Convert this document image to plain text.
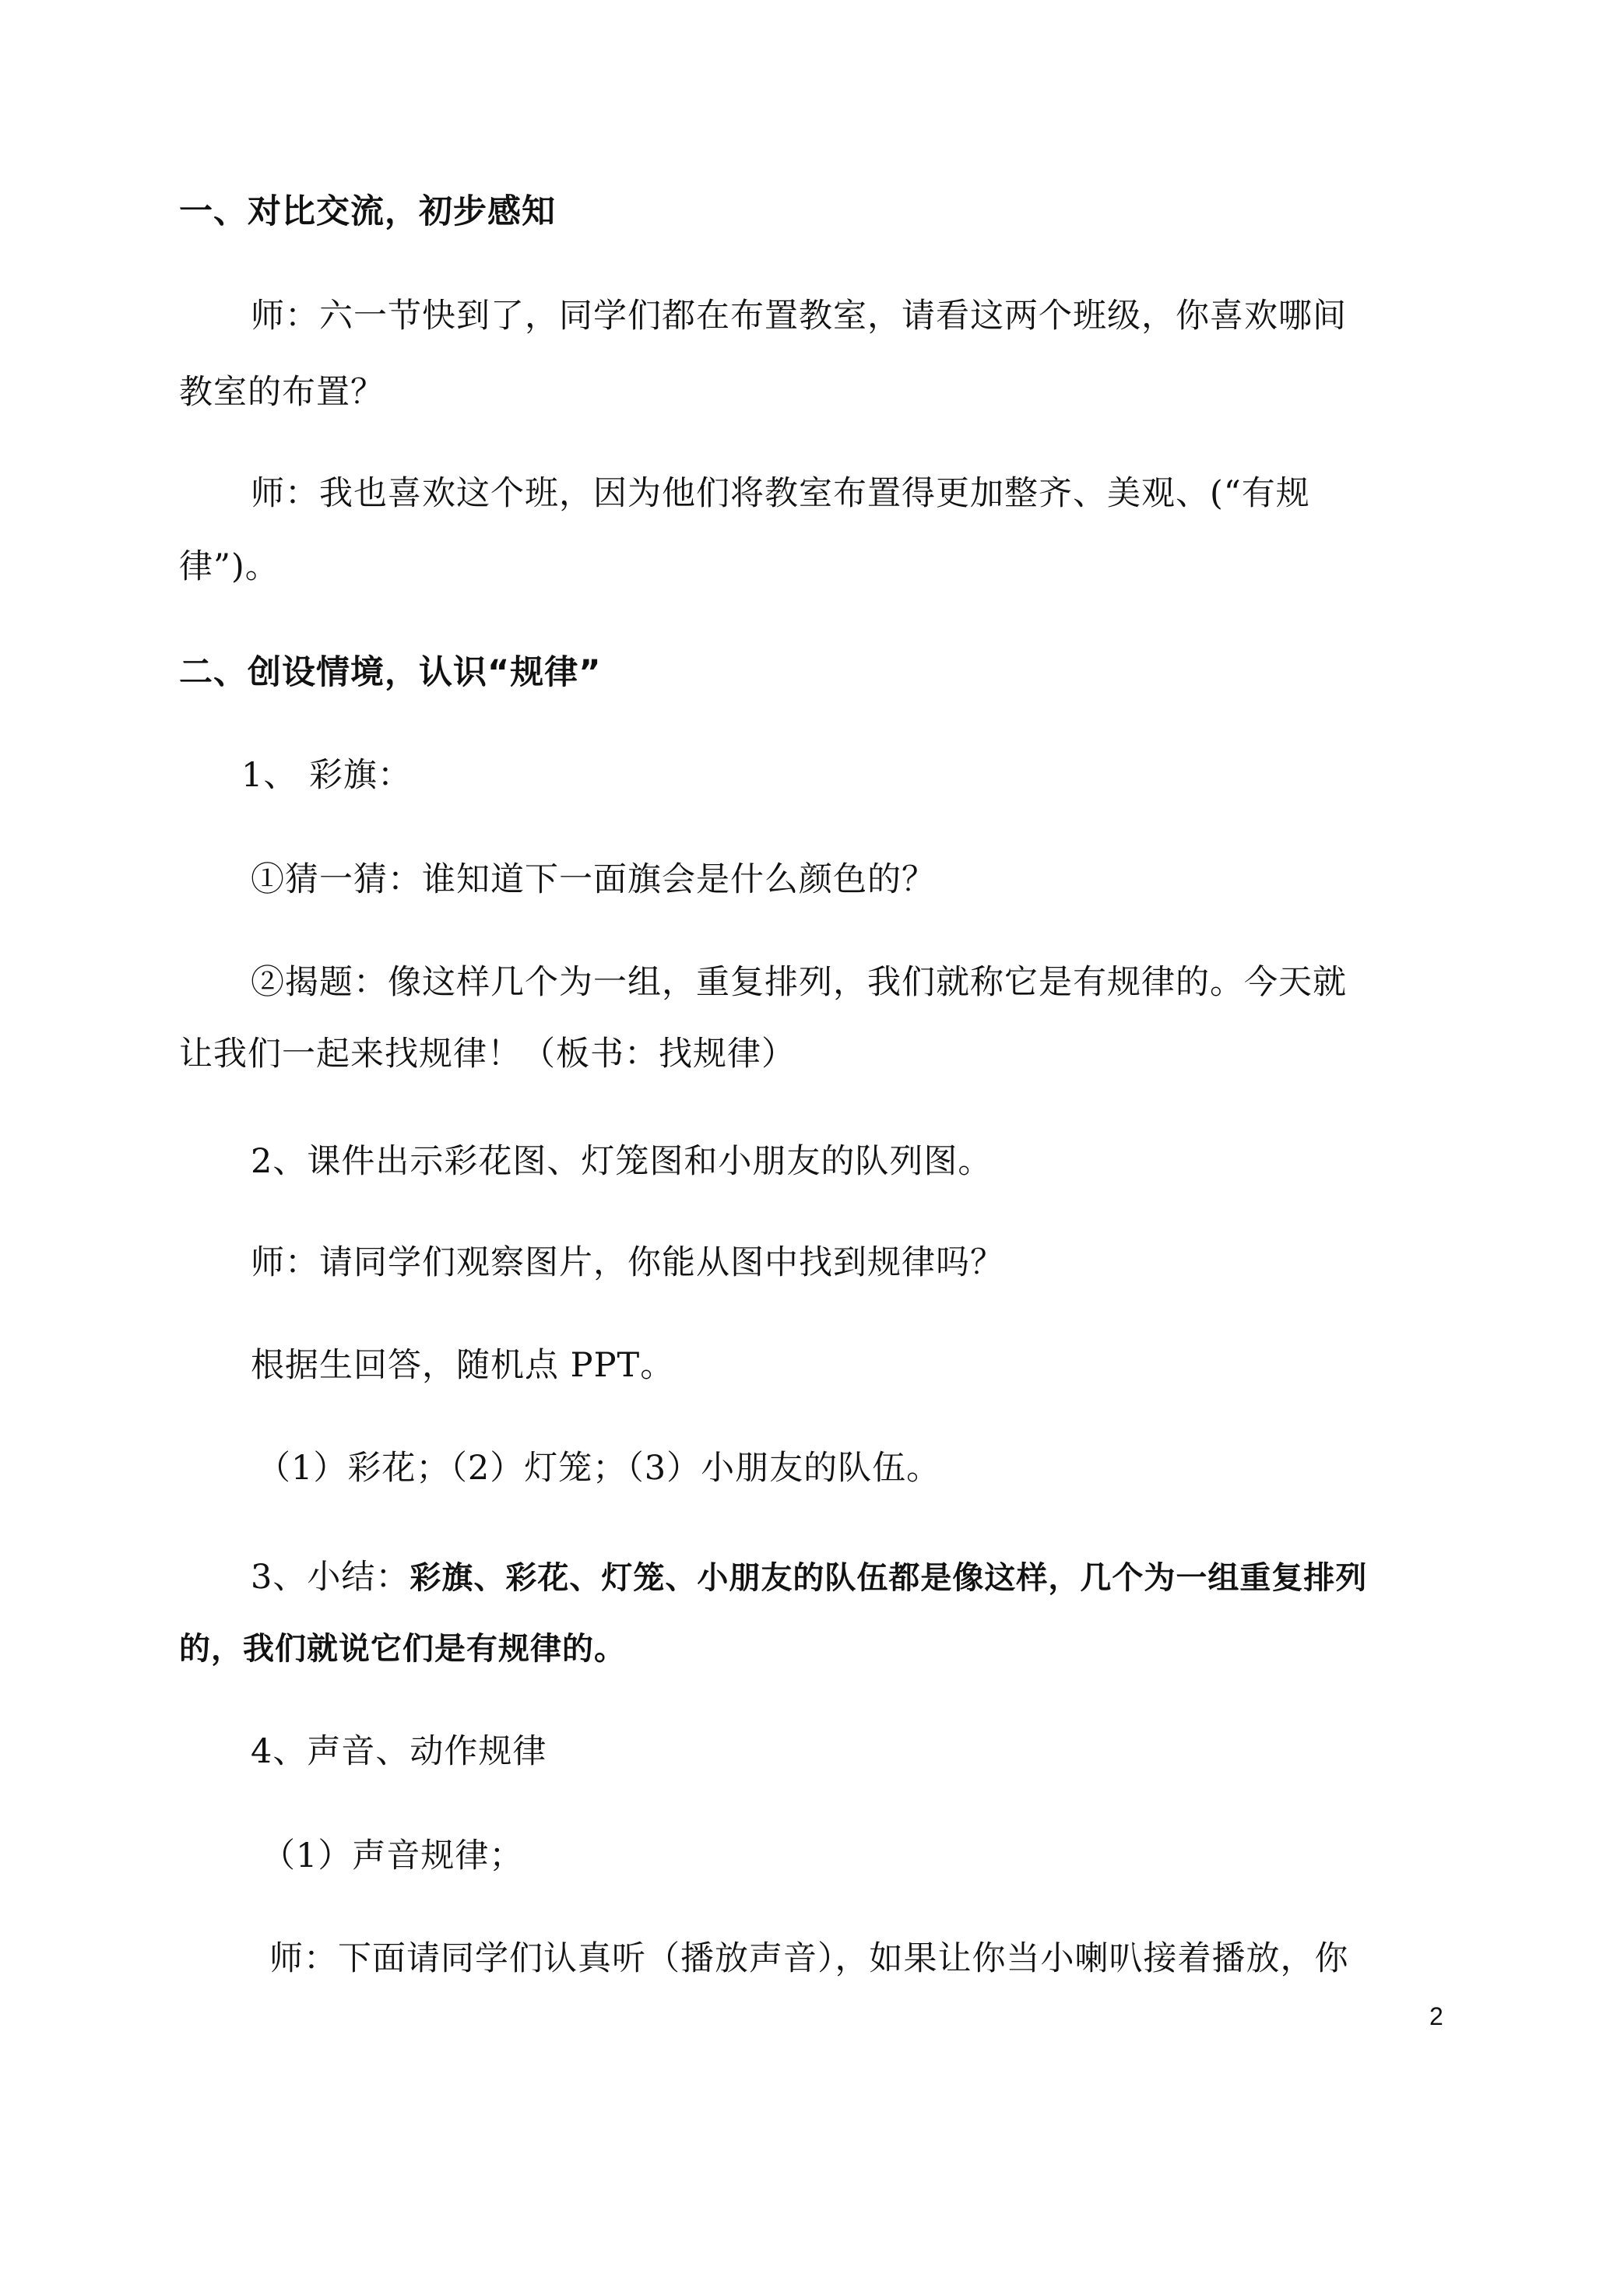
一、对比交流，初步感知
师：六一节快到了，同学们都在布置教室，请看这两个班级，你喜欢哪间
教室的布置？
师：我也喜欢这个班，因为他们将教室布置得更加整齐、美观、(“有规
律”)。
二、创设情境，认识“规律”
1、 彩旗：
①猜一猜：谁知道下一面旗会是什么颜色的？
②揭题：像这样几个为一组，重复排列，我们就称它是有规律的。今天就
让我们一起来找规律！（板书：找规律）
2、课件出示彩花图、灯笼图和小朋友的队列图。
师：请同学们观察图片，你能从图中找到规律吗？
根据生回答，随机点 PPT。
（1）彩花；（2）灯笼；（3）小朋友的队伍。
3、小结：彩旗、彩花、灯笼、小朋友的队伍都是像这样，几个为一组重复排列
的，我们就说它们是有规律的。
4、声音、动作规律
（1）声音规律；
师：下面请同学们认真听（播放声音），如果让你当小喇叭接着播放，你
2
